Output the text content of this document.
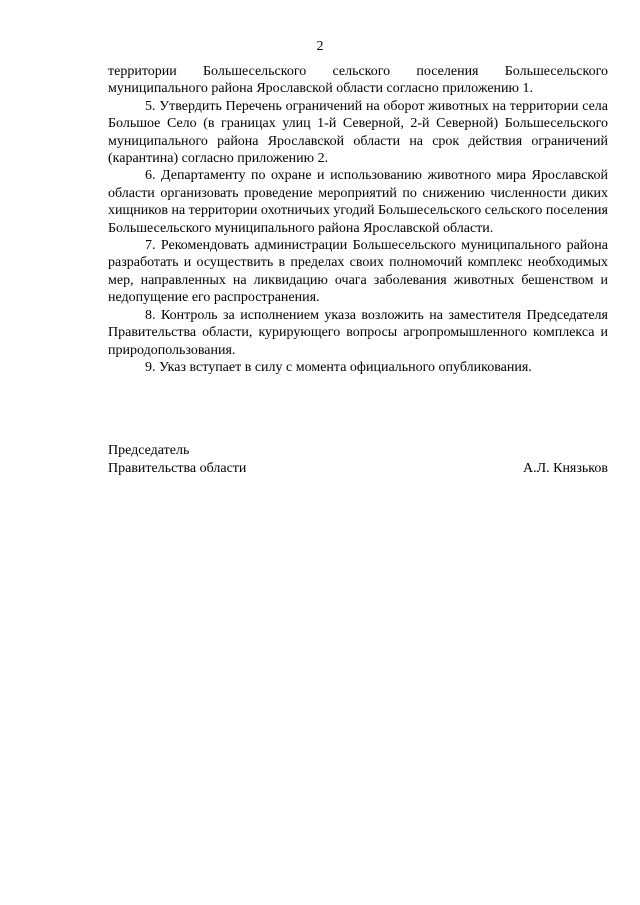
2

территории Большесельского сельского поселения Большесельского муниципального района Ярославской области согласно приложению 1.

5. Утвердить Перечень ограничений на оборот животных на территории села Большое Село (в границах улиц 1-й Северной, 2-й Северной) Большесельского муниципального района Ярославской области на срок действия ограничений (карантина) согласно приложению 2.

6. Департаменту по охране и использованию животного мира Ярославской области организовать проведение мероприятий по снижению численности диких хищников на территории охотничьих угодий Большесельского сельского поселения Большесельского муниципального района Ярославской области.

7. Рекомендовать администрации Большесельского муниципального района разработать и осуществить в пределах своих полномочий комплекс необходимых мер, направленных на ликвидацию очага заболевания животных бешенством и недопущение его распространения.

8. Контроль за исполнением указа возложить на заместителя Председателя Правительства области, курирующего вопросы агропромышленного комплекса и природопользования.

9. Указ вступает в силу с момента официального опубликования.

Председатель
Правительства области	А.Л. Князьков
